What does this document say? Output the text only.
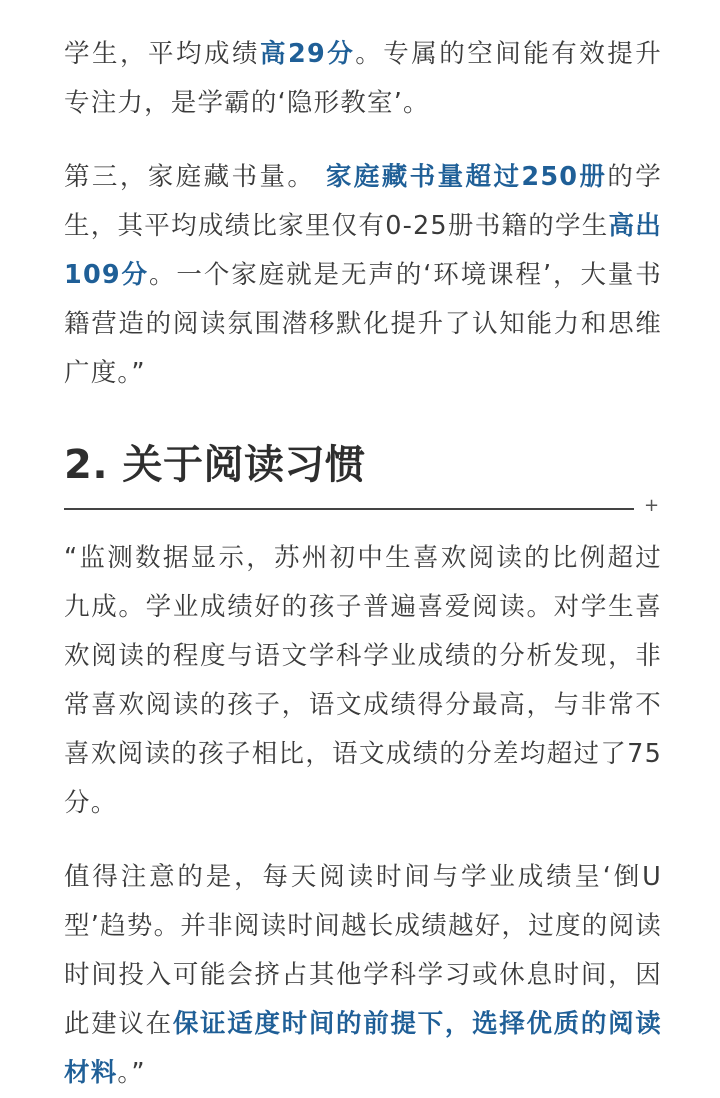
学生，平均成绩高29分。专属的空间能有效提升专注力，是学霸的‘隐形教室’。

第三，家庭藏书量。 家庭藏书量超过250册的学生，其平均成绩比家里仅有0-25册书籍的学生高出109分。一个家庭就是无声的‘环境课程’，大量书籍营造的阅读氛围潜移默化提升了认知能力和思维广度。”

2. 关于阅读习惯
+

“监测数据显示，苏州初中生喜欢阅读的比例超过九成。学业成绩好的孩子普遍喜爱阅读。对学生喜欢阅读的程度与语文学科学业成绩的分析发现，非常喜欢阅读的孩子，语文成绩得分最高，与非常不喜欢阅读的孩子相比，语文成绩的分差均超过了75分。

值得注意的是，每天阅读时间与学业成绩呈‘倒U型’趋势。并非阅读时间越长成绩越好，过度的阅读时间投入可能会挤占其他学科学习或休息时间，因此建议在保证适度时间的前提下，选择优质的阅读材料。”
